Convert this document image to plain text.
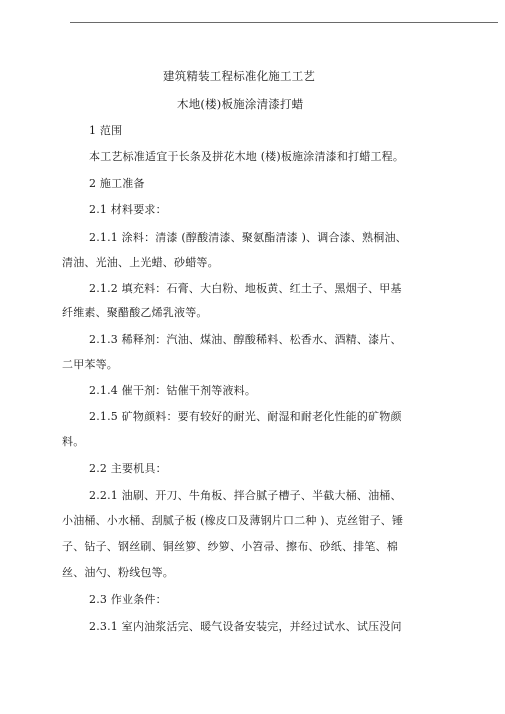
建筑精装工程标准化施工工艺
木地(楼)板施涂清漆打蜡
1 范围
本工艺标准适宜于长条及拼花木地 (楼)板施涂清漆和打蜡工程。
2 施工准备
2.1 材料要求：
2.1.1 涂料：清漆 (醇酸清漆、聚氨酯清漆 )、调合漆、熟桐油、
清油、光油、上光蜡、砂蜡等。
2.1.2 填充料：石膏、大白粉、地板黄、红土子、黑烟子、甲基
纤维素、聚醋酸乙烯乳液等。
2.1.3 稀释剂：汽油、煤油、醇酸稀料、松香水、酒精、漆片、
二甲苯等。
2.1.4 催干剂：钴催干剂等液料。
2.1.5 矿物颜料：要有较好的耐光、耐湿和耐老化性能的矿物颜
料。
2.2 主要机具：
2.2.1 油刷、开刀、牛角板、拌合腻子槽子、半截大桶、油桶、
小油桶、小水桶、刮腻子板 (橡皮口及薄钢片口二种 )、克丝钳子、锤
子、钻子、钢丝刷、铜丝箩、纱箩、小笤帚、擦布、砂纸、排笔、棉
丝、油勺、粉线包等。
2.3 作业条件：
2.3.1 室内油浆活完、暖气设备安装完，并经过试水、试压没问
